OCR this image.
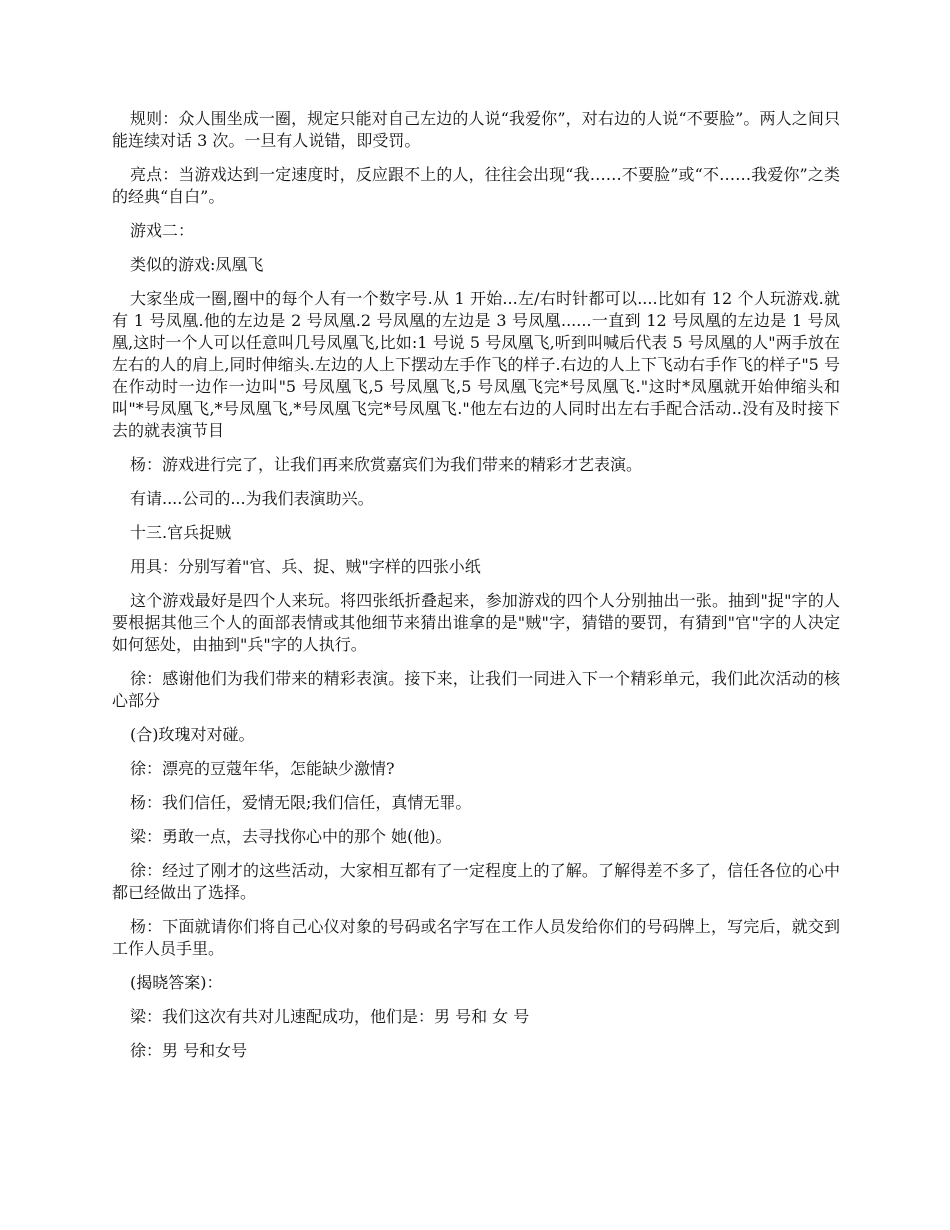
规则：众人围坐成一圈，规定只能对自己左边的人说“我爱你”，对右边的人说“不要脸”。两人之间只能连续对话 3 次。一旦有人说错，即受罚。

亮点：当游戏达到一定速度时，反应跟不上的人，往往会出现“我……不要脸”或“不……我爱你”之类的经典“自白”。

游戏二：

类似的游戏:凤凰飞

大家坐成一圈,圈中的每个人有一个数字号.从 1 开始...左/右时针都可以....比如有 12 个人玩游戏.就有 1 号凤凰.他的左边是 2 号凤凰.2 号凤凰的左边是 3 号凤凰......一直到 12 号凤凰的左边是 1 号凤凰,这时一个人可以任意叫几号凤凰飞,比如:1 号说 5 号凤凰飞,听到叫喊后代表 5 号凤凰的人"两手放在左右的人的肩上,同时伸缩头.左边的人上下摆动左手作飞的样子.右边的人上下飞动右手作飞的样子"5 号在作动时一边作一边叫"5 号凤凰飞,5 号凤凰飞,5 号凤凰飞完*号凤凰飞."这时*凤凰就开始伸缩头和叫"*号凤凰飞,*号凤凰飞,*号凤凰飞完*号凤凰飞."他左右边的人同时出左右手配合活动..没有及时接下去的就表演节目

杨：游戏进行完了，让我们再来欣赏嘉宾们为我们带来的精彩才艺表演。

有请....公司的...为我们表演助兴。

十三.官兵捉贼

用具：分别写着"官、兵、捉、贼"字样的四张小纸

这个游戏最好是四个人来玩。将四张纸折叠起来，参加游戏的四个人分别抽出一张。抽到"捉"字的人要根据其他三个人的面部表情或其他细节来猜出谁拿的是"贼"字，猜错的要罚，有猜到"官"字的人决定如何惩处，由抽到"兵"字的人执行。

徐：感谢他们为我们带来的精彩表演。接下来，让我们一同进入下一个精彩单元，我们此次活动的核心部分

(合)玫瑰对对碰。

徐：漂亮的豆蔻年华，怎能缺少激情?

杨：我们信任，爱情无限;我们信任，真情无罪。

梁：勇敢一点，去寻找你心中的那个 她(他)。

徐：经过了刚才的这些活动，大家相互都有了一定程度上的了解。了解得差不多了，信任各位的心中都已经做出了选择。

杨：下面就请你们将自己心仪对象的号码或名字写在工作人员发给你们的号码牌上，写完后，就交到工作人员手里。

(揭晓答案)：

梁：我们这次有共对儿速配成功，他们是：男 号和 女 号

徐：男 号和女号
